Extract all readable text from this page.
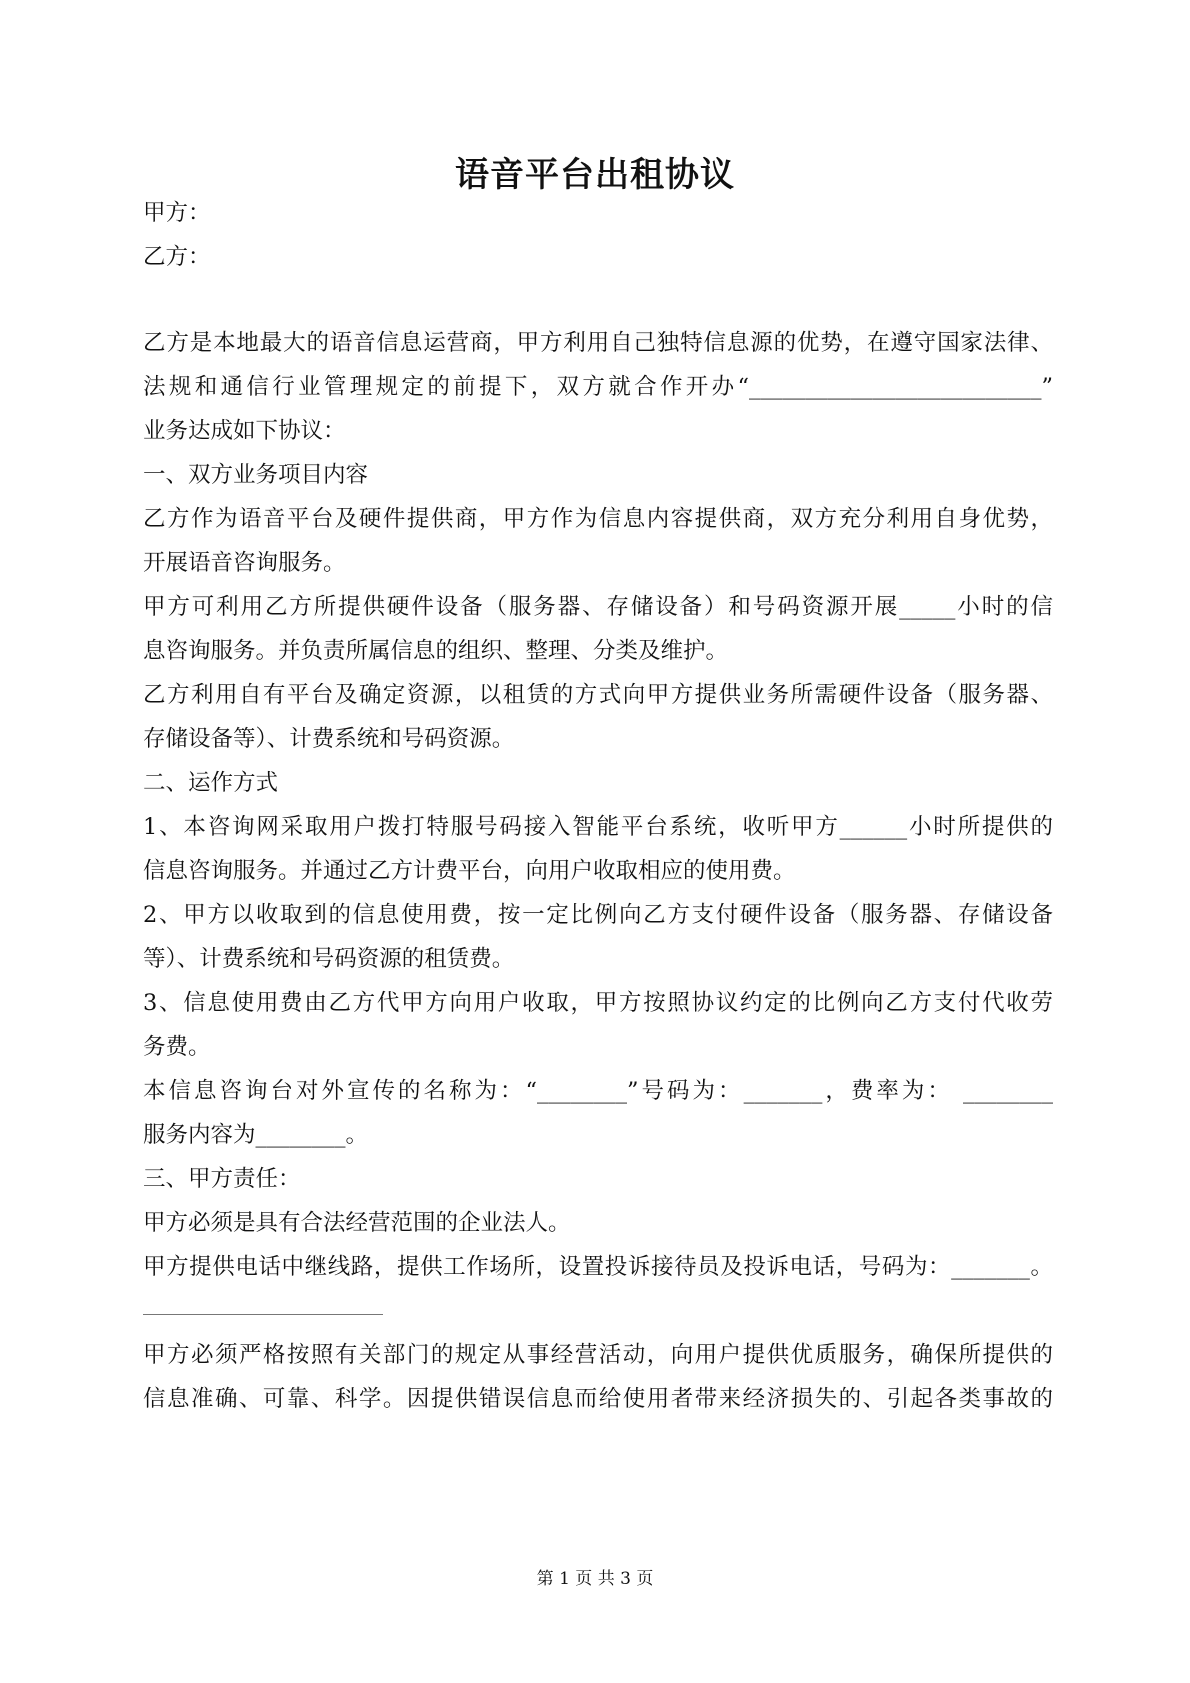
语音平台出租协议
甲方：
乙方：
乙方是本地最大的语音信息运营商，甲方利用自己独特信息源的优势，在遵守国家法律、
法规和通信行业管理规定的前提下，双方就合作开办“__________________________”
业务达成如下协议：
一、双方业务项目内容
乙方作为语音平台及硬件提供商，甲方作为信息内容提供商，双方充分利用自身优势，
开展语音咨询服务。
甲方可利用乙方所提供硬件设备（服务器、存储设备）和号码资源开展_____小时的信
息咨询服务。并负责所属信息的组织、整理、分类及维护。
乙方利用自有平台及确定资源，以租赁的方式向甲方提供业务所需硬件设备（服务器、
存储设备等）、计费系统和号码资源。
二、运作方式
1、本咨询网采取用户拨打特服号码接入智能平台系统，收听甲方______小时所提供的
信息咨询服务。并通过乙方计费平台，向用户收取相应的使用费。
2、甲方以收取到的信息使用费，按一定比例向乙方支付硬件设备（服务器、存储设备
等）、计费系统和号码资源的租赁费。
3、信息使用费由乙方代甲方向用户收取，甲方按照协议约定的比例向乙方支付代收劳
务费。
本信息咨询台对外宣传的名称为：“________”号码为：_______，费率为： ________
服务内容为________。
三、甲方责任：
甲方必须是具有合法经营范围的企业法人。
甲方提供电话中继线路，提供工作场所，设置投诉接待员及投诉电话，号码为：_______。
甲方必须严格按照有关部门的规定从事经营活动，向用户提供优质服务，确保所提供的
信息准确、可靠、科学。因提供错误信息而给使用者带来经济损失的、引起各类事故的
第 1 页 共 3 页
